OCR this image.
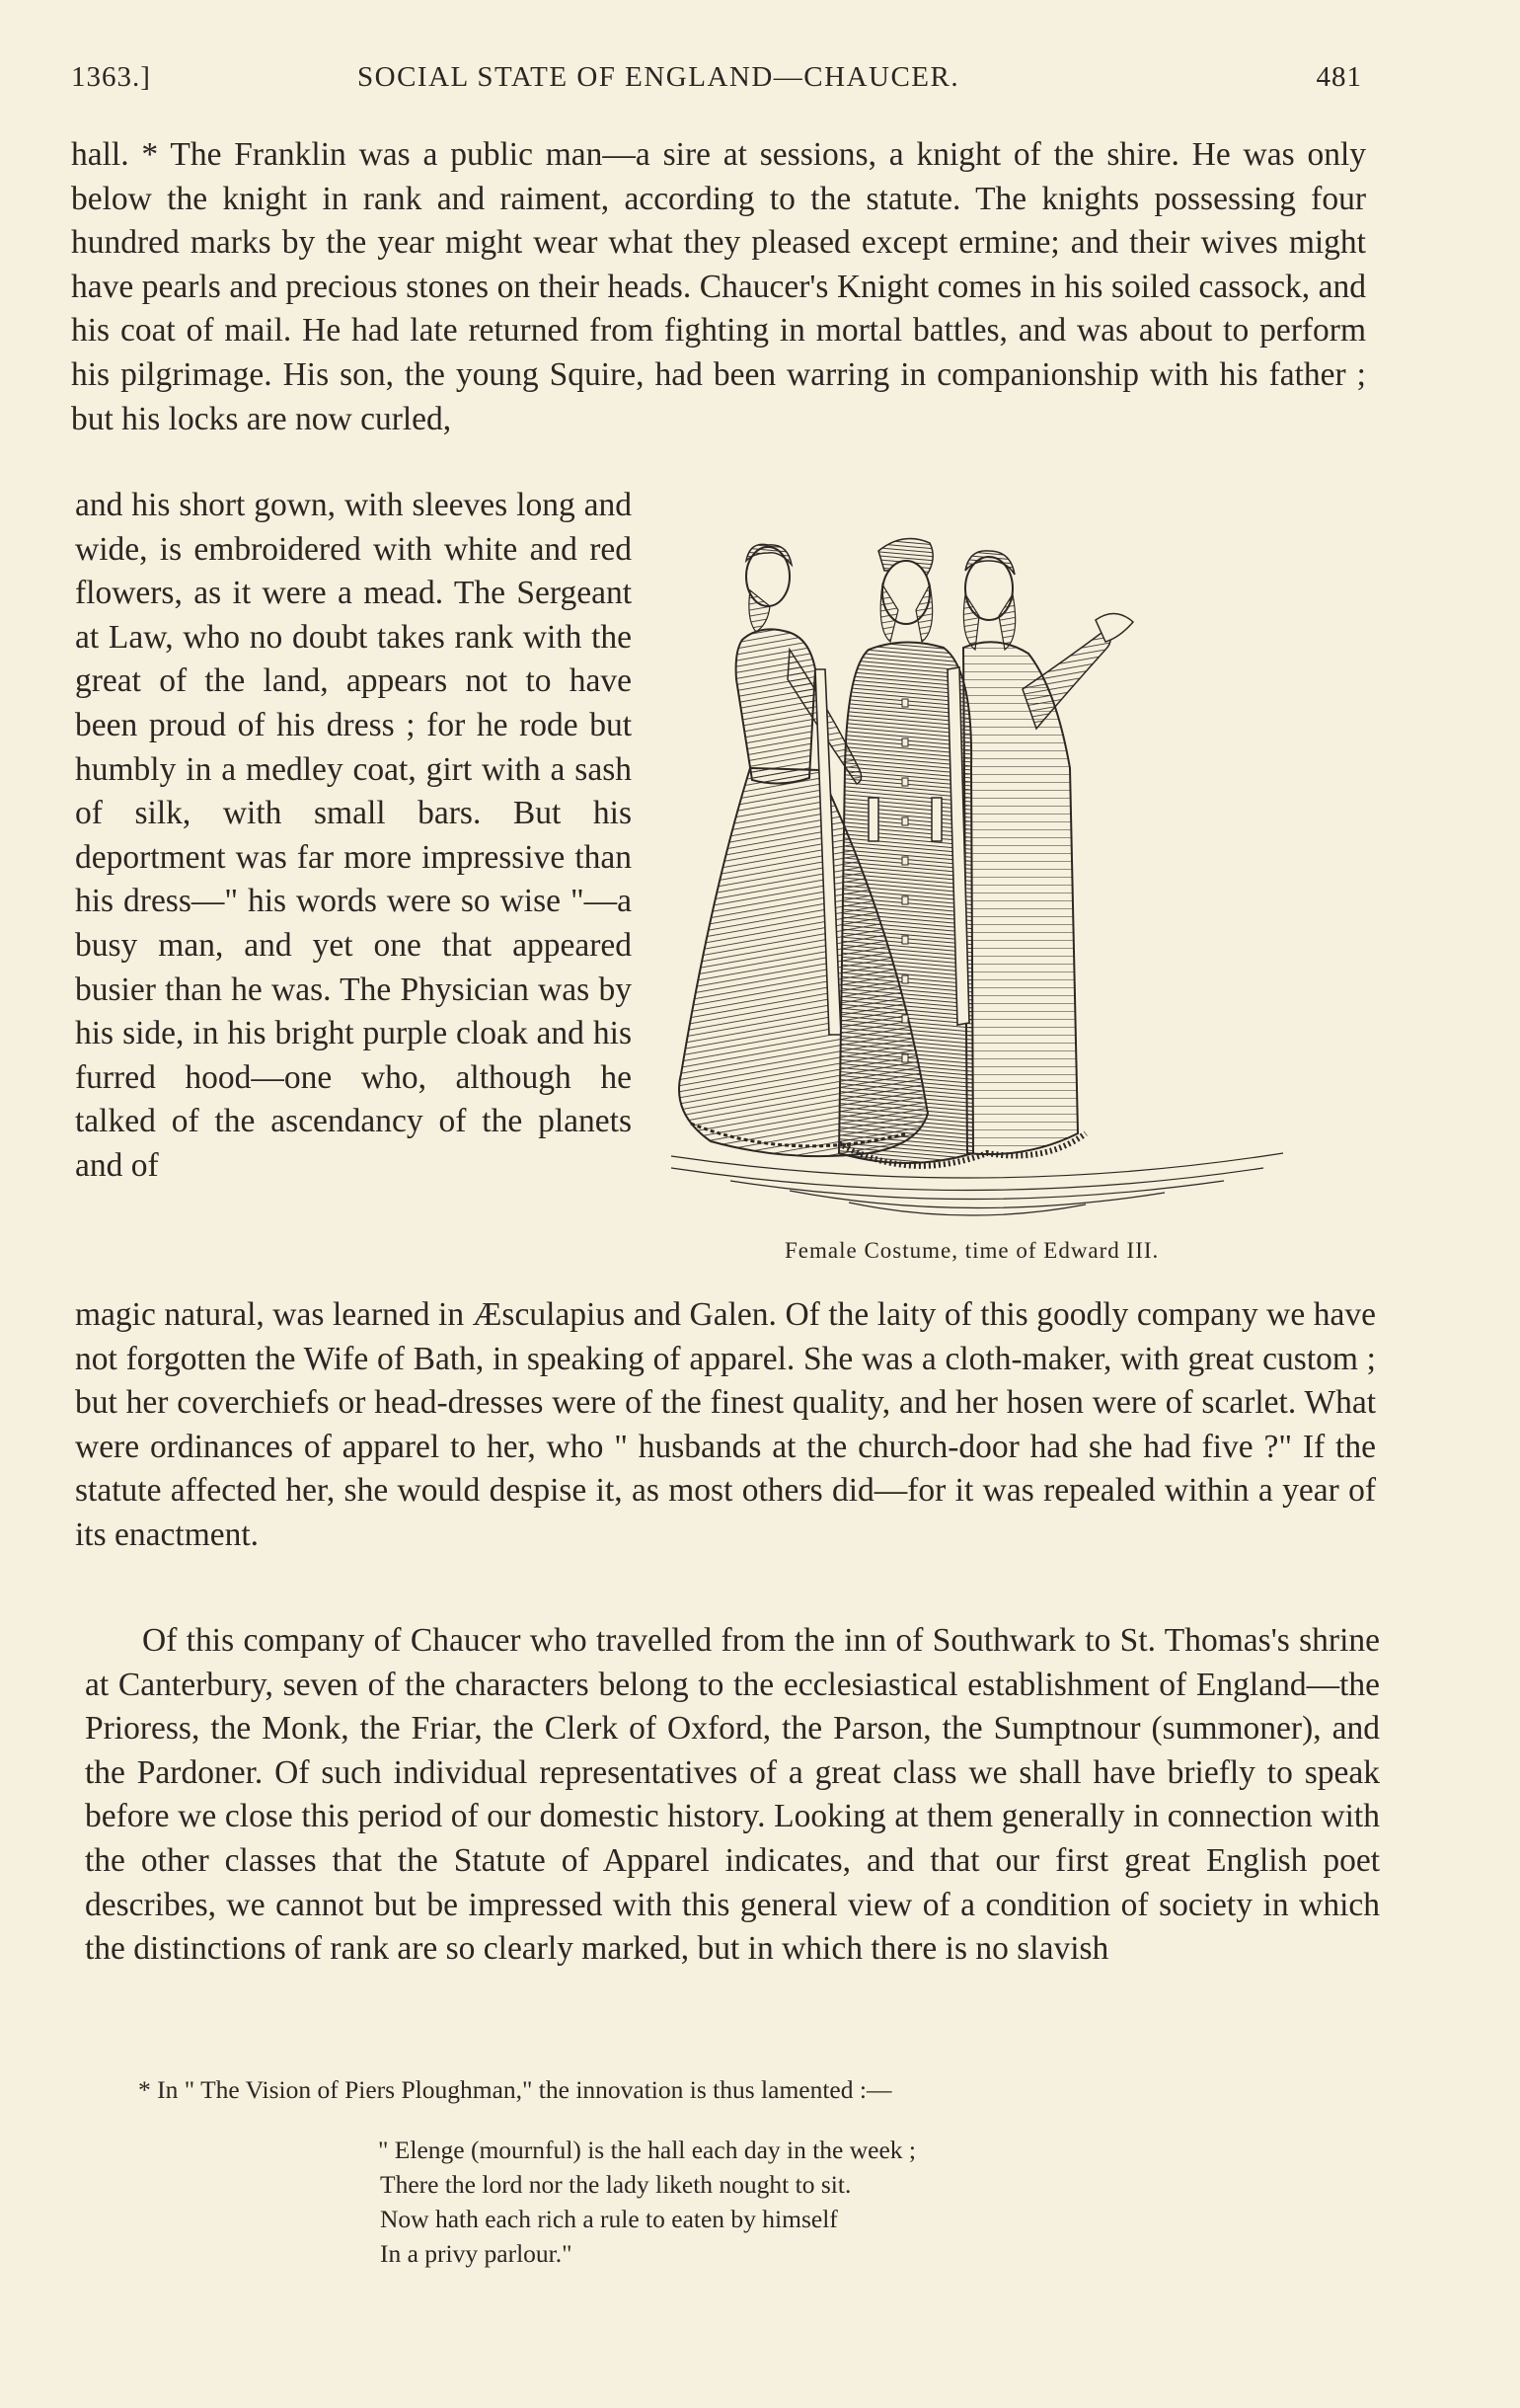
1363.]	SOCIAL STATE OF ENGLAND—CHAUCER.	481

hall. * The Franklin was a public man—a sire at sessions, a knight of the shire. He was only below the knight in rank and raiment, according to the statute. The knights possessing four hundred marks by the year might wear what they pleased except ermine; and their wives might have pearls and precious stones on their heads. Chaucer's Knight comes in his soiled cassock, and his coat of mail. He had late returned from fighting in mortal battles, and was about to perform his pilgrimage. His son, the young Squire, had been warring in companionship with his father ; but his locks are now curled,

and his short gown, with sleeves long and wide, is embroidered with white and red flowers, as it were a mead. The Sergeant at Law, who no doubt takes rank with the great of the land, appears not to have been proud of his dress ; for he rode but humbly in a medley coat, girt with a sash of silk, with small bars. But his deportment was far more impressive than his dress—" his words were so wise "—a busy man, and yet one that appeared busier than he was. The Physician was by his side, in his bright purple cloak and his furred hood—one who, although he talked of the ascendancy of the planets and of

Female Costume, time of Edward III.

magic natural, was learned in Æsculapius and Galen. Of the laity of this goodly company we have not forgotten the Wife of Bath, in speaking of apparel. She was a cloth-maker, with great custom ; but her coverchiefs or head-dresses were of the finest quality, and her hosen were of scarlet. What were ordinances of apparel to her, who " husbands at the church-door had she had five ?" If the statute affected her, she would despise it, as most others did—for it was repealed within a year of its enactment.

Of this company of Chaucer who travelled from the inn of Southwark to St. Thomas's shrine at Canterbury, seven of the characters belong to the ecclesiastical establishment of England—the Prioress, the Monk, the Friar, the Clerk of Oxford, the Parson, the Sumptnour (summoner), and the Pardoner. Of such individual representatives of a great class we shall have briefly to speak before we close this period of our domestic history. Looking at them generally in connection with the other classes that the Statute of Apparel indicates, and that our first great English poet describes, we cannot but be impressed with this general view of a condition of society in which the distinctions of rank are so clearly marked, but in which there is no slavish

* In " The Vision of Piers Ploughman," the innovation is thus lamented :—
" Elenge (mournful) is the hall each day in the week ;
There the lord nor the lady liketh nought to sit.
Now hath each rich a rule to eaten by himself
In a privy parlour."
